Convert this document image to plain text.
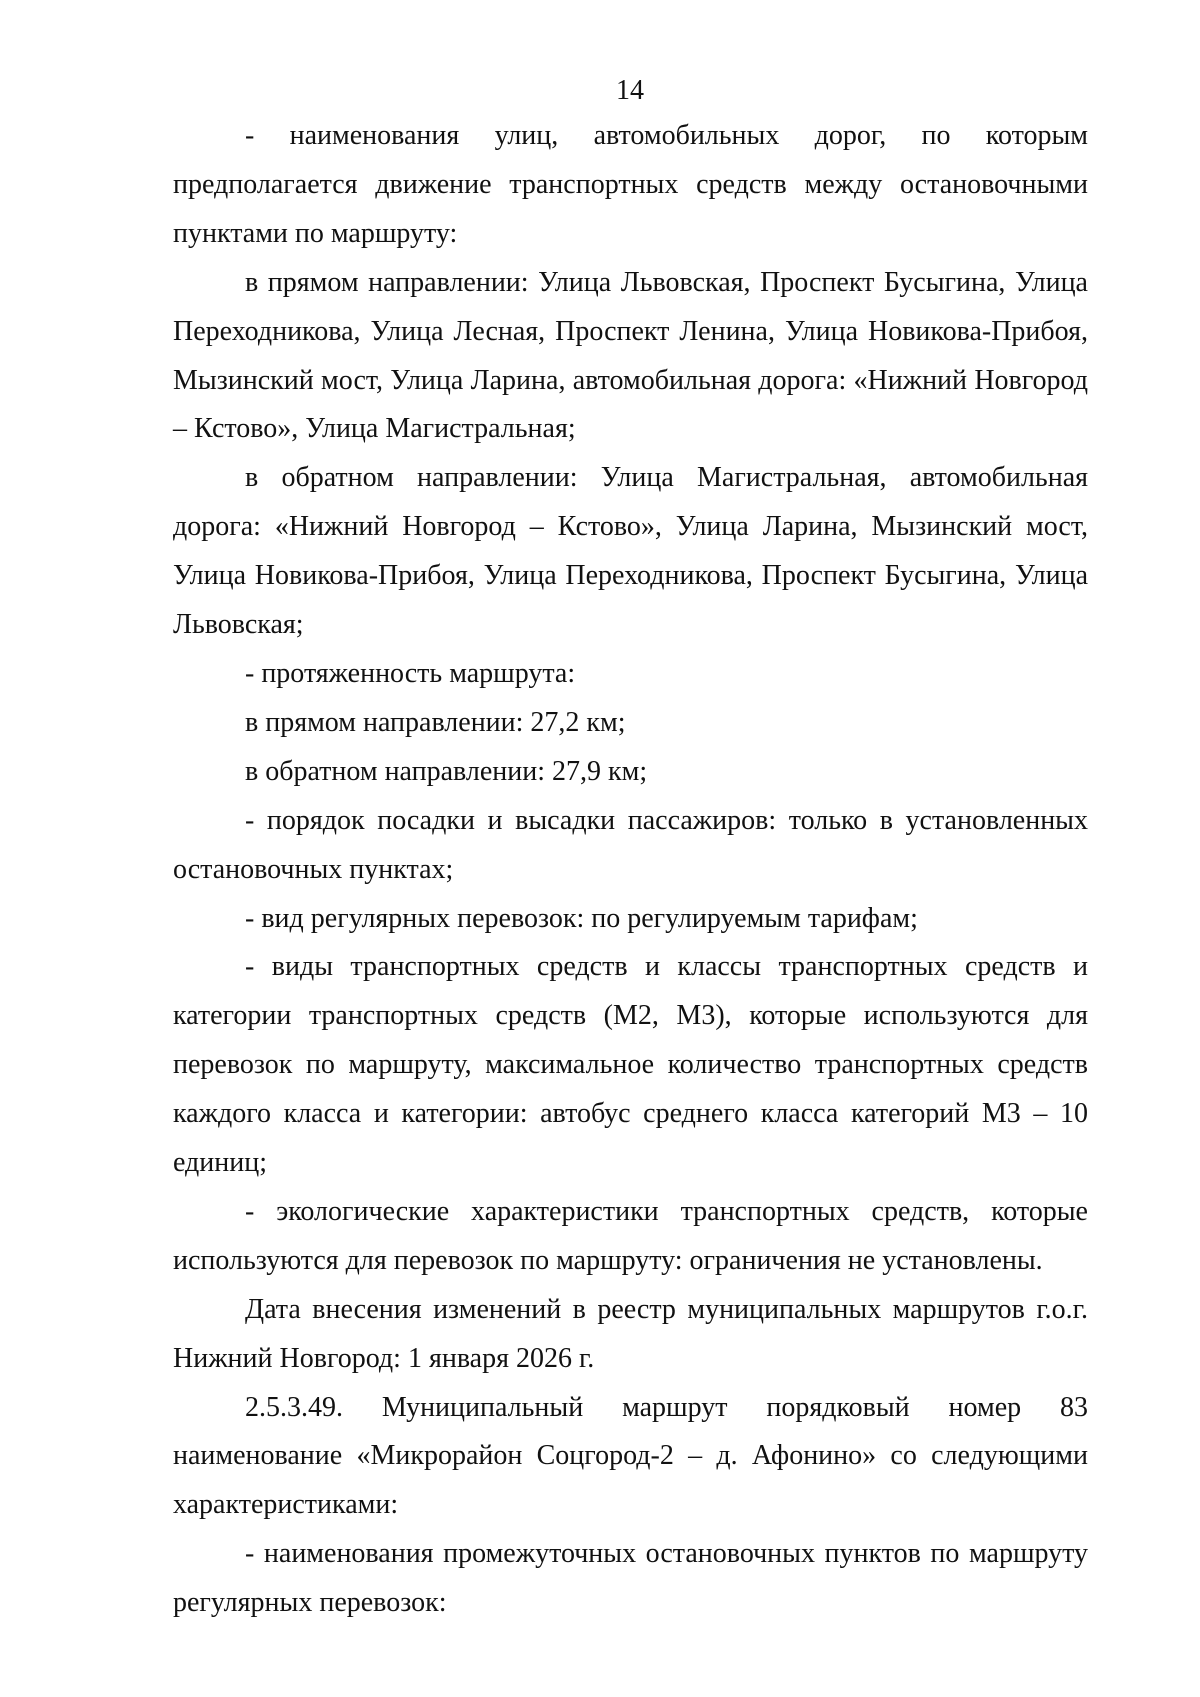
14

- наименования улиц, автомобильных дорог, по которым предполагается движение транспортных средств между остановочными пунктами по маршруту:

в прямом направлении: Улица Львовская, Проспект Бусыгина, Улица Переходникова, Улица Лесная, Проспект Ленина, Улица Новикова-Прибоя, Мызинский мост, Улица Ларина, автомобильная дорога: «Нижний Новгород – Кстово», Улица Магистральная;

в обратном направлении: Улица Магистральная, автомобильная дорога: «Нижний Новгород – Кстово», Улица Ларина, Мызинский мост, Улица Новикова-Прибоя, Улица Переходникова, Проспект Бусыгина, Улица Львовская;

- протяженность маршрута:

в прямом направлении: 27,2 км;

в обратном направлении: 27,9 км;

- порядок посадки и высадки пассажиров: только в установленных остановочных пунктах;

- вид регулярных перевозок: по регулируемым тарифам;

- виды транспортных средств и классы транспортных средств и категории транспортных средств (М2, М3), которые используются для перевозок по маршруту, максимальное количество транспортных средств каждого класса и категории: автобус среднего класса категорий М3 – 10 единиц;

- экологические характеристики транспортных средств, которые используются для перевозок по маршруту: ограничения не установлены.

Дата внесения изменений в реестр муниципальных маршрутов г.о.г. Нижний Новгород: 1 января 2026 г.

2.5.3.49. Муниципальный маршрут порядковый номер 83 наименование «Микрорайон Соцгород-2 – д. Афонино» со следующими характеристиками:

- наименования промежуточных остановочных пунктов по маршруту регулярных перевозок:
